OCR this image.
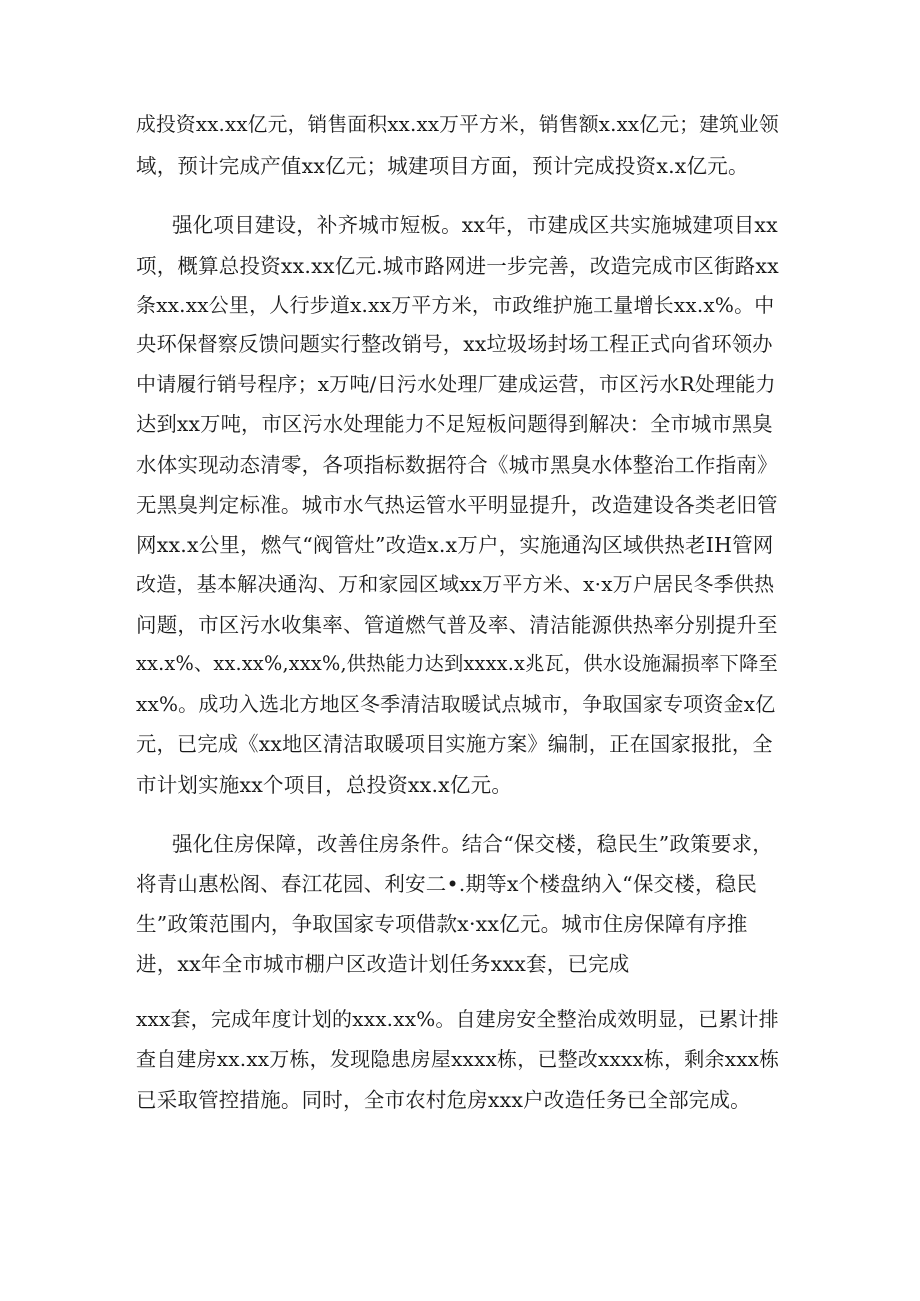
成投资xx.xx亿元，销售面积xx.xx万平方米，销售额x.xx亿元；建筑业领
域，预计完成产值xx亿元；城建项目方面，预计完成投资x.x亿元。
强化项目建设，补齐城市短板。xx年，市建成区共实施城建项目xx
项，概算总投资xx.xx亿元.城市路网进一步完善，改造完成市区街路xx
条xx.xx公里，人行步道x.xx万平方米，市政维护施工量增长xx.x%。中
央环保督察反馈问题实行整改销号，xx垃圾场封场工程正式向省环领办
中请履行销号程序；x万吨/日污水处理厂建成运营，市区污水R处理能力
达到xx万吨，市区污水处理能力不足短板问题得到解决：全市城市黑臭
水体实现动态清零，各项指标数据符合《城市黑臭水体整治工作指南》
无黑臭判定标准。城市水气热运管水平明显提升，改造建设各类老旧管
网xx.x公里，燃气“阀管灶”改造x.x万户，实施通沟区域供热老IH管网
改造，基本解决通沟、万和家园区域xx万平方米、x·x万户居民冬季供热
问题，市区污水收集率、管道燃气普及率、清洁能源供热率分别提升至
xx.x%、xx.xx%,xxx%,供热能力达到xxxx.x兆瓦，供水设施漏损率下降至
xx%。成功入选北方地区冬季清洁取暖试点城市，争取国家专项资金x亿
元，已完成《xx地区清洁取暖项目实施方案》编制，正在国家报批，全
市计划实施xx个项目，总投资xx.x亿元。
强化住房保障，改善住房条件。结合“保交楼，稳民生”政策要求，
将青山惠松阁、春江花园、利安二•.期等x个楼盘纳入“保交楼，稳民
生”政策范围内，争取国家专项借款x·xx亿元。城市住房保障有序推
进，xx年全市城市棚户区改造计划任务xxx套，已完成
xxx套，完成年度计划的xxx.xx%。自建房安全整治成效明显，已累计排
查自建房xx.xx万栋，发现隐患房屋xxxx栋，已整改xxxx栋，剩余xxx栋
已采取管控措施。同时，全市农村危房xxx户改造任务已全部完成。
